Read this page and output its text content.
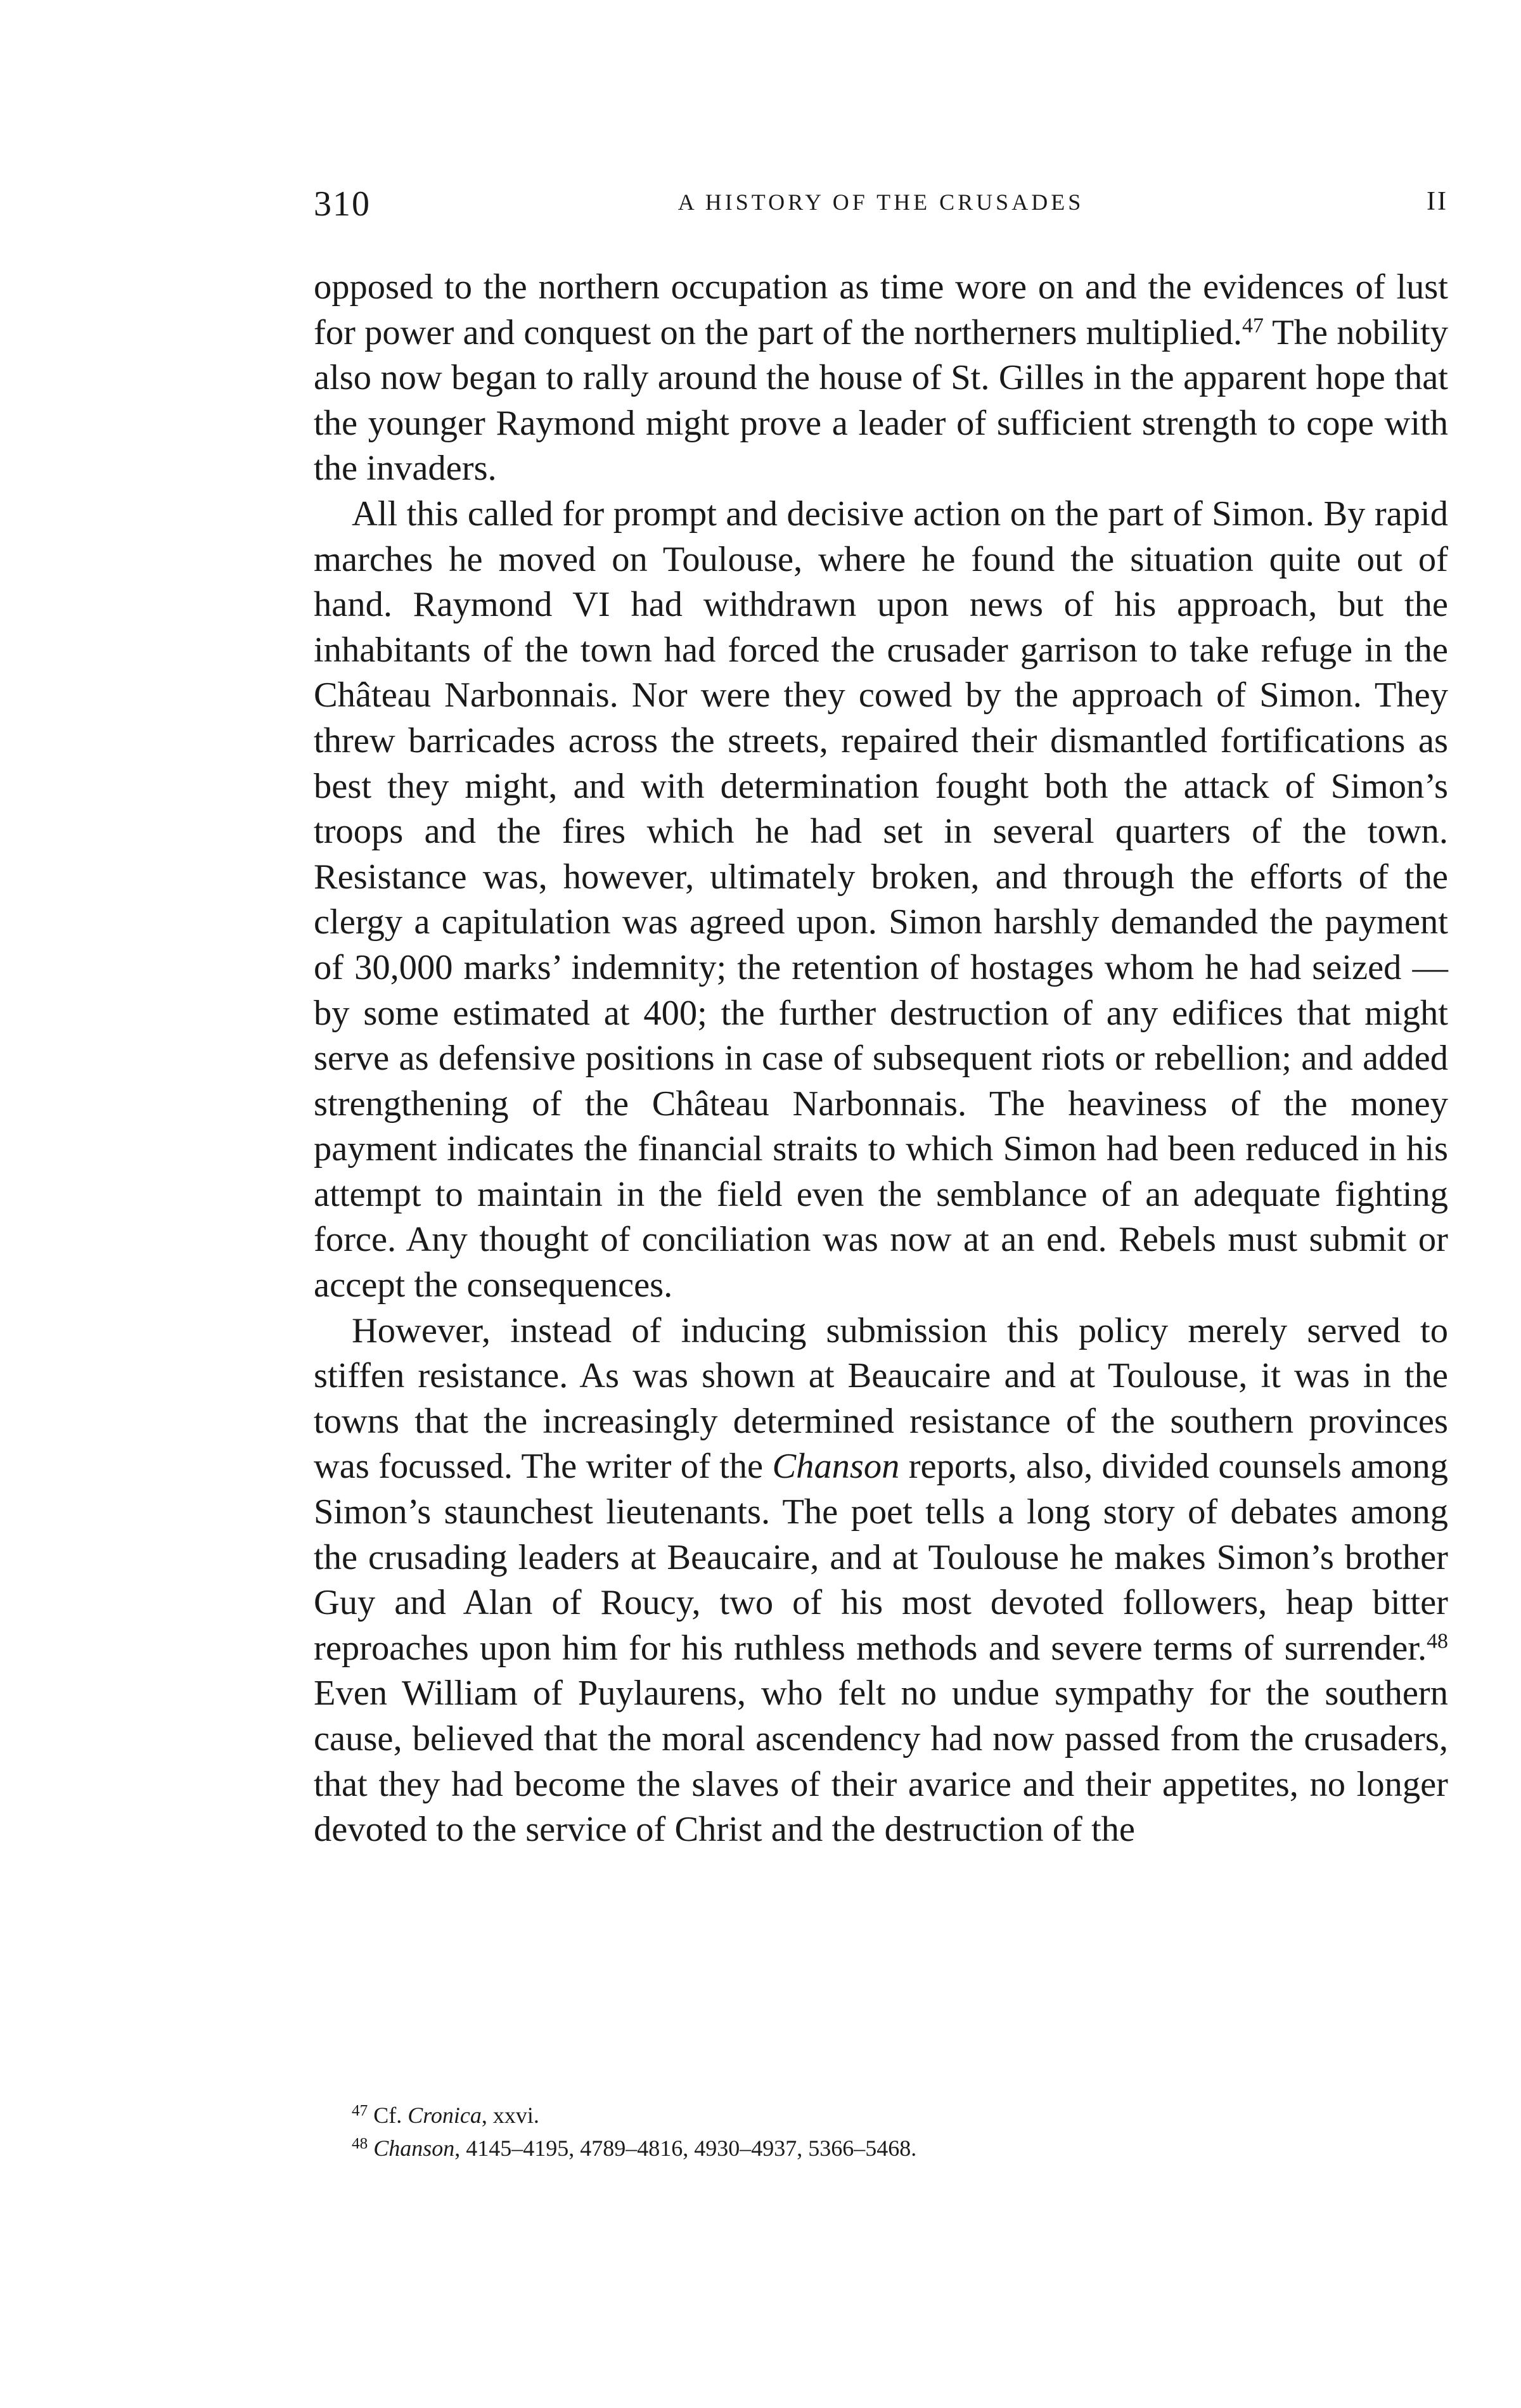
310	A HISTORY OF THE CRUSADES	II

opposed to the northern occupation as time wore on and the evidences of lust for power and conquest on the part of the northerners multiplied.$^{47}$ The nobility also now began to rally around the house of St. Gilles in the apparent hope that the younger Raymond might prove a leader of sufficient strength to cope with the invaders.

All this called for prompt and decisive action on the part of Simon. By rapid marches he moved on Toulouse, where he found the situation quite out of hand. Raymond VI had withdrawn upon news of his approach, but the inhabitants of the town had forced the crusader garrison to take refuge in the Château Narbonnais. Nor were they cowed by the approach of Simon. They threw barricades across the streets, repaired their dismantled fortifications as best they might, and with determination fought both the attack of Simon’s troops and the fires which he had set in several quarters of the town. Resistance was, however, ultimately broken, and through the efforts of the clergy a capitulation was agreed upon. Simon harshly demanded the payment of 30,000 marks’ indemnity; the retention of hostages whom he had seized — by some estimated at 400; the further destruction of any edifices that might serve as defensive positions in case of subsequent riots or rebellion; and added strengthening of the Château Narbonnais. The heaviness of the money payment indicates the financial straits to which Simon had been reduced in his attempt to maintain in the field even the semblance of an adequate fighting force. Any thought of conciliation was now at an end. Rebels must submit or accept the consequences.

However, instead of inducing submission this policy merely served to stiffen resistance. As was shown at Beaucaire and at Toulouse, it was in the towns that the increasingly determined resistance of the southern provinces was focussed. The writer of the Chanson reports, also, divided counsels among Simon’s staunchest lieutenants. The poet tells a long story of debates among the crusading leaders at Beaucaire, and at Toulouse he makes Simon’s brother Guy and Alan of Roucy, two of his most devoted followers, heap bitter reproaches upon him for his ruthless methods and severe terms of surrender.$^{48}$ Even William of Puylaurens, who felt no undue sympathy for the southern cause, believed that the moral ascendency had now passed from the crusaders, that they had become the slaves of their avarice and their appetites, no longer devoted to the service of Christ and the destruction of the

$^{47}$ Cf. Cronica, xxvi.

$^{48}$ Chanson, 4145–4195, 4789–4816, 4930–4937, 5366–5468.
